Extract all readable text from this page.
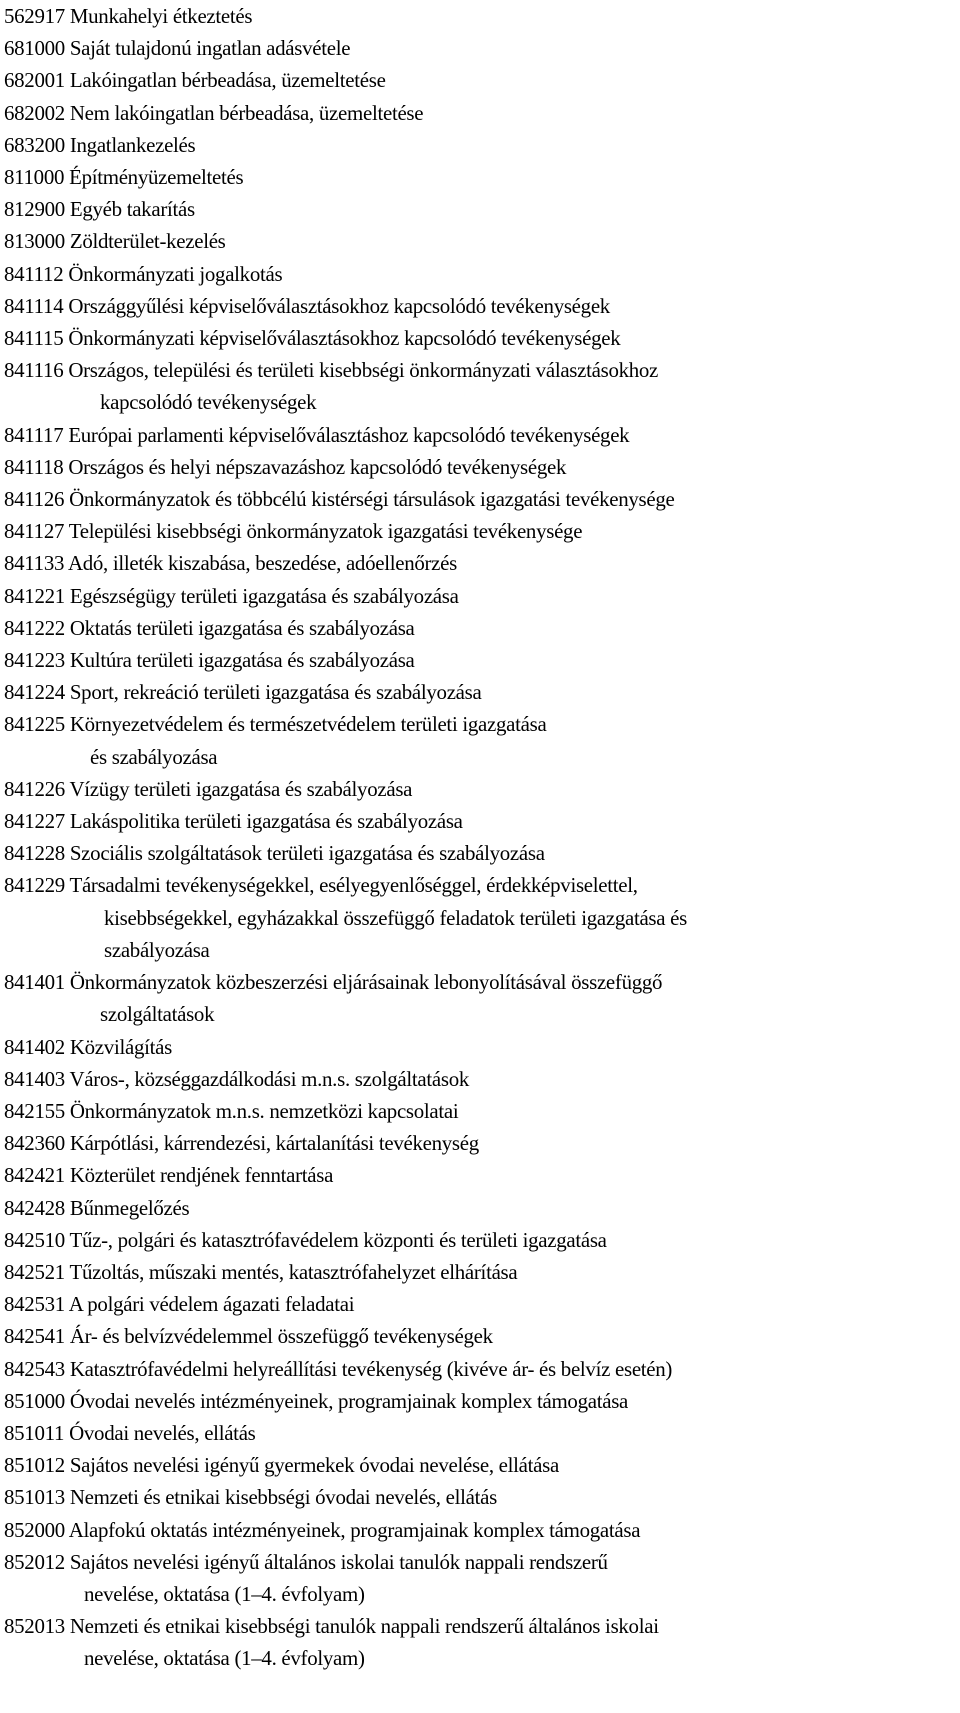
562917 Munkahelyi étkeztetés
681000 Saját tulajdonú ingatlan adásvétele
682001 Lakóingatlan bérbeadása, üzemeltetése
682002 Nem lakóingatlan bérbeadása, üzemeltetése
683200 Ingatlankezelés
811000 Építményüzemeltetés
812900 Egyéb takarítás
813000 Zöldterület-kezelés
841112 Önkormányzati jogalkotás
841114 Országgyűlési képviselőválasztásokhoz kapcsolódó tevékenységek
841115 Önkormányzati képviselőválasztásokhoz kapcsolódó tevékenységek
841116 Országos, települési és területi kisebbségi önkormányzati választásokhoz
kapcsolódó tevékenységek
841117 Európai parlamenti képviselőválasztáshoz kapcsolódó tevékenységek
841118 Országos és helyi népszavazáshoz kapcsolódó tevékenységek
841126 Önkormányzatok és többcélú kistérségi társulások igazgatási tevékenysége
841127 Települési kisebbségi önkormányzatok igazgatási tevékenysége
841133 Adó, illeték kiszabása, beszedése, adóellenőrzés
841221 Egészségügy területi igazgatása és szabályozása
841222 Oktatás területi igazgatása és szabályozása
841223 Kultúra területi igazgatása és szabályozása
841224 Sport, rekreáció területi igazgatása és szabályozása
841225 Környezetvédelem és természetvédelem területi igazgatása
és szabályozása
841226 Vízügy területi igazgatása és szabályozása
841227 Lakáspolitika területi igazgatása és szabályozása
841228 Szociális szolgáltatások területi igazgatása és szabályozása
841229 Társadalmi tevékenységekkel, esélyegyenlőséggel, érdekképviselettel,
kisebbségekkel, egyházakkal összefüggő feladatok területi igazgatása és
szabályozása
841401 Önkormányzatok közbeszerzési eljárásainak lebonyolításával összefüggő
szolgáltatások
841402 Közvilágítás
841403 Város-, községgazdálkodási m.n.s. szolgáltatások
842155 Önkormányzatok m.n.s. nemzetközi kapcsolatai
842360 Kárpótlási, kárrendezési, kártalanítási tevékenység
842421 Közterület rendjének fenntartása
842428 Bűnmegelőzés
842510 Tűz-, polgári és katasztrófavédelem központi és területi igazgatása
842521 Tűzoltás, műszaki mentés, katasztrófahelyzet elhárítása
842531 A polgári védelem ágazati feladatai
842541 Ár- és belvízvédelemmel összefüggő tevékenységek
842543 Katasztrófavédelmi helyreállítási tevékenység (kivéve ár- és belvíz esetén)
851000 Óvodai nevelés intézményeinek, programjainak komplex támogatása
851011 Óvodai nevelés, ellátás
851012 Sajátos nevelési igényű gyermekek óvodai nevelése, ellátása
851013 Nemzeti és etnikai kisebbségi óvodai nevelés, ellátás
852000 Alapfokú oktatás intézményeinek, programjainak komplex támogatása
852012 Sajátos nevelési igényű általános iskolai tanulók nappali rendszerű
nevelése, oktatása (1–4. évfolyam)
852013 Nemzeti és etnikai kisebbségi tanulók nappali rendszerű általános iskolai
nevelése, oktatása (1–4. évfolyam)
